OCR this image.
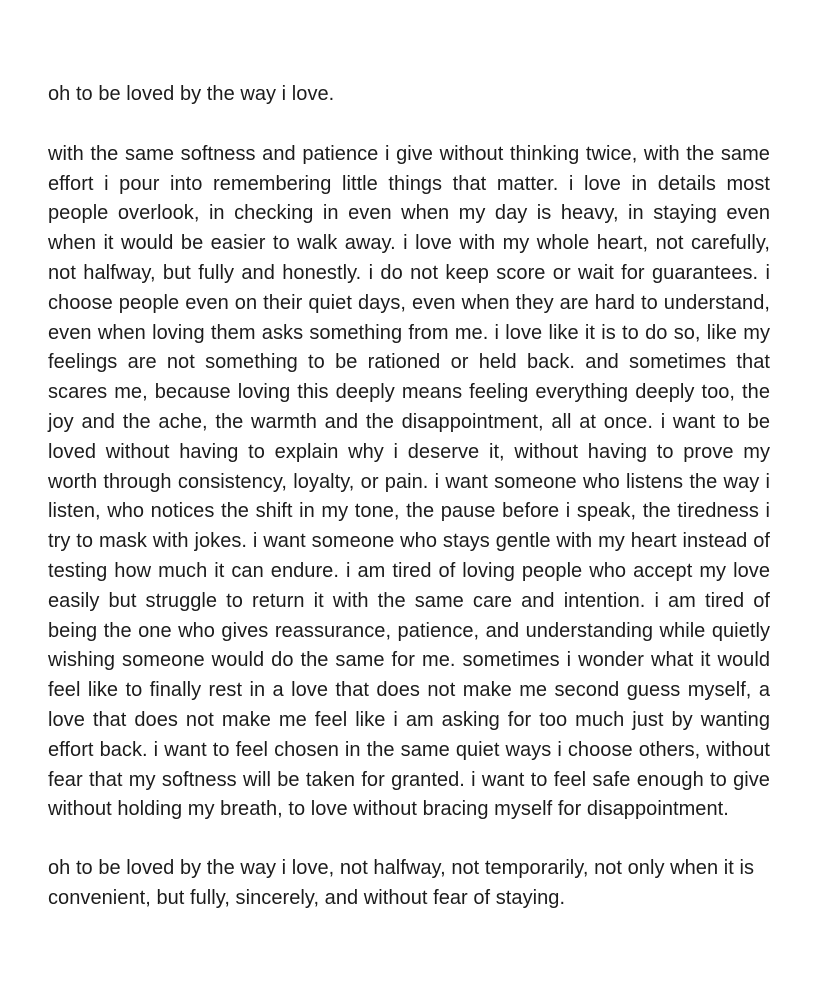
oh to be loved by the way i love.

with the same softness and patience i give without thinking twice, with the same effort i pour into remembering little things that matter. i love in details most people overlook, in checking in even when my day is heavy, in staying even when it would be easier to walk away. i love with my whole heart, not carefully, not halfway, but fully and honestly. i do not keep score or wait for guarantees. i choose people even on their quiet days, even when they are hard to understand, even when loving them asks something from me. i love like it is to do so, like my feelings are not something to be rationed or held back. and sometimes that scares me, because loving this deeply means feeling everything deeply too, the joy and the ache, the warmth and the disappointment, all at once. i want to be loved without having to explain why i deserve it, without having to prove my worth through consistency, loyalty, or pain. i want someone who listens the way i listen, who notices the shift in my tone, the pause before i speak, the tiredness i try to mask with jokes. i want someone who stays gentle with my heart instead of testing how much it can endure. i am tired of loving people who accept my love easily but struggle to return it with the same care and intention. i am tired of being the one who gives reassurance, patience, and understanding while quietly wishing someone would do the same for me. sometimes i wonder what it would feel like to finally rest in a love that does not make me second guess myself, a love that does not make me feel like i am asking for too much just by wanting effort back. i want to feel chosen in the same quiet ways i choose others, without fear that my softness will be taken for granted. i want to feel safe enough to give without holding my breath, to love without bracing myself for disappointment.

oh to be loved by the way i love, not halfway, not temporarily, not only when it is convenient, but fully, sincerely, and without fear of staying.
